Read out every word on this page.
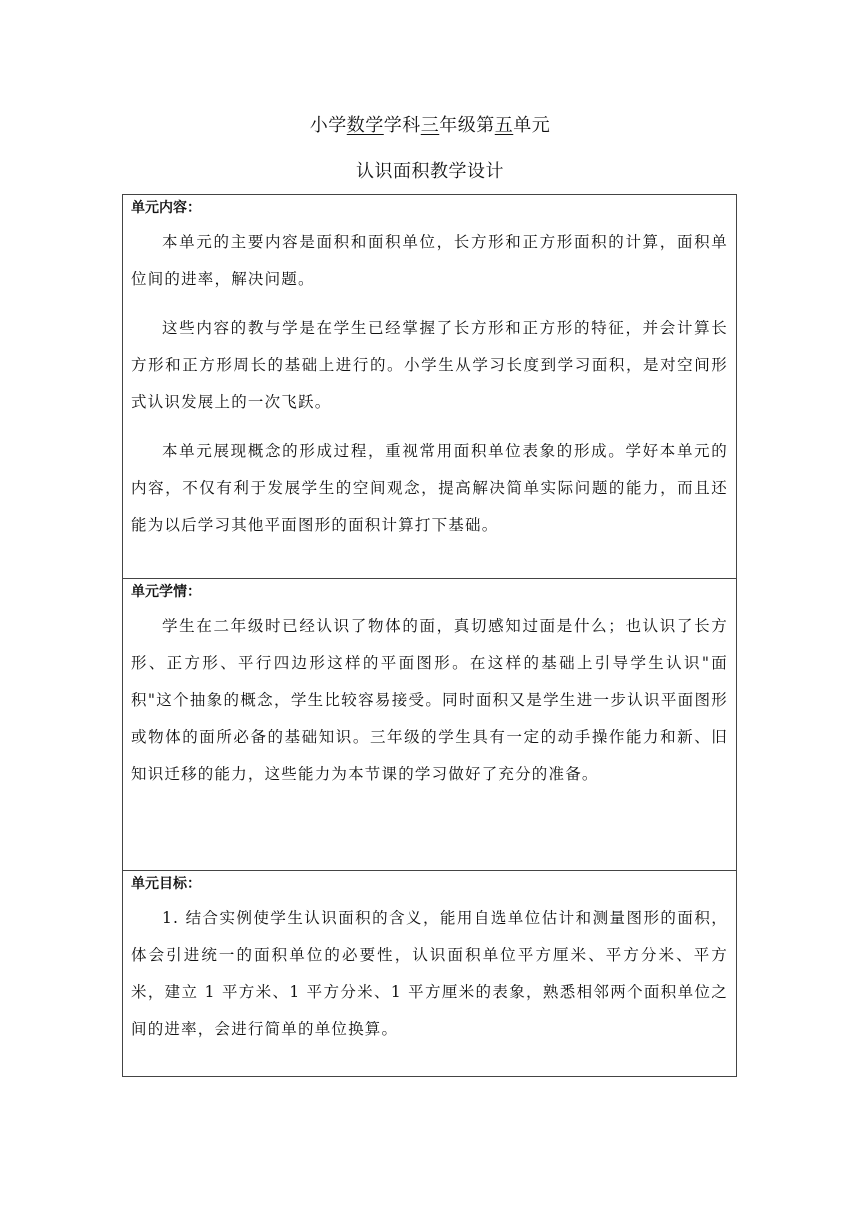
小学数学学科三年级第五单元
认识面积教学设计
单元内容：

本单元的主要内容是面积和面积单位，长方形和正方形面积的计算，面积单位间的进率，解决问题。

这些内容的教与学是在学生已经掌握了长方形和正方形的特征，并会计算长方形和正方形周长的基础上进行的。小学生从学习长度到学习面积，是对空间形式认识发展上的一次飞跃。

本单元展现概念的形成过程，重视常用面积单位表象的形成。学好本单元的内容，不仅有利于发展学生的空间观念，提高解决简单实际问题的能力，而且还能为以后学习其他平面图形的面积计算打下基础。

单元学情：

学生在二年级时已经认识了物体的面，真切感知过面是什么；也认识了长方形、正方形、平行四边形这样的平面图形。在这样的基础上引导学生认识"面积"这个抽象的概念，学生比较容易接受。同时面积又是学生进一步认识平面图形或物体的面所必备的基础知识。三年级的学生具有一定的动手操作能力和新、旧知识迁移的能力，这些能力为本节课的学习做好了充分的准备。

单元目标：

1. 结合实例使学生认识面积的含义，能用自选单位估计和测量图形的面积，体会引进统一的面积单位的必要性，认识面积单位平方厘米、平方分米、平方米，建立 1 平方米、1 平方分米、1 平方厘米的表象，熟悉相邻两个面积单位之间的进率，会进行简单的单位换算。
